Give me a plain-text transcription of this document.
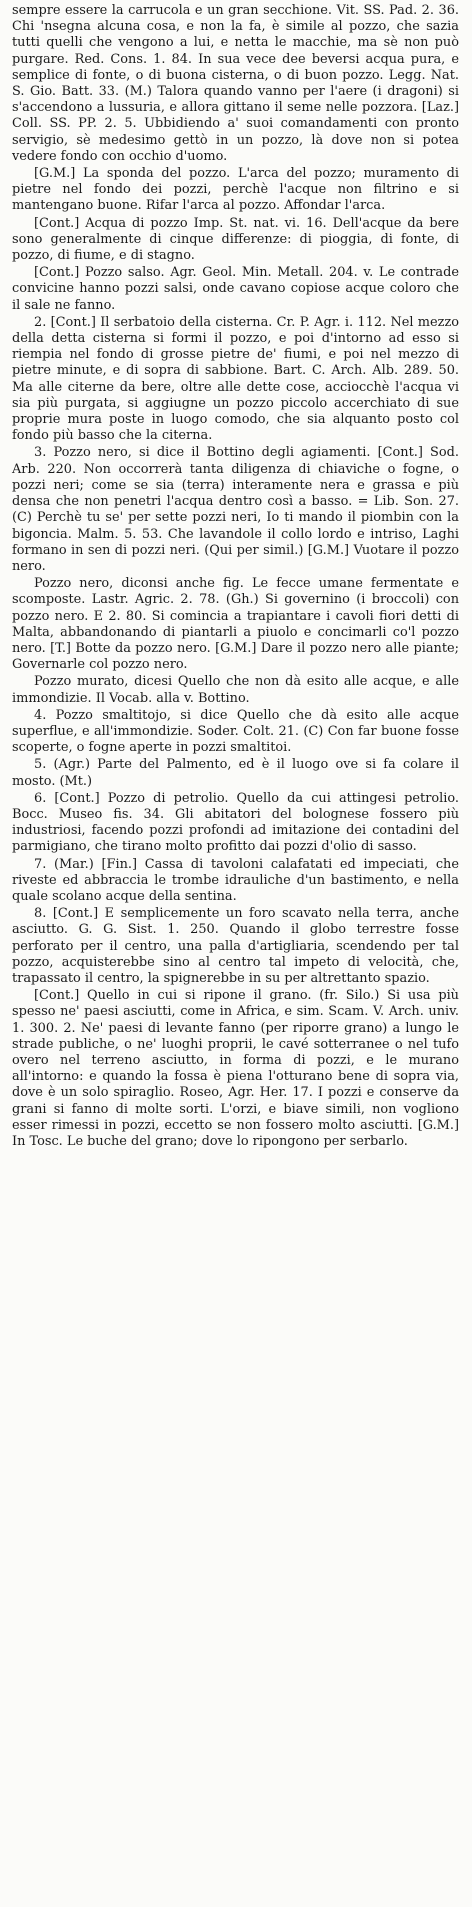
sempre essere la carrucola e un gran secchione. Vit. SS. Pad. 2. 36. Chi 'nsegna alcuna cosa, e non la fa, è simile al pozzo, che sazia tutti quelli che vengono a lui, e netta le macchie, ma sè non può purgare. Red. Cons. 1. 84. In sua vece dee beversi acqua pura, e semplice di fonte, o di buona cisterna, o di buon pozzo. Legg. Nat. S. Gio. Batt. 33. (M.) Talora quando vanno per l'aere (i dragoni) si s'accendono a lussuria, e allora gittano il seme nelle pozzora. [Laz.] Coll. SS. PP. 2. 5. Ubbidiendo a' suoi comandamenti con pronto servigio, sè medesimo gettò in un pozzo, là dove non si potea vedere fondo con occhio d'uomo.

[G.M.] La sponda del pozzo. L'arca del pozzo; muramento di pietre nel fondo dei pozzi, perchè l'acque non filtrino e si mantengano buone. Rifar l'arca al pozzo. Affondar l'arca.

[Cont.] Acqua di pozzo Imp. St. nat. vi. 16. Dell'acque da bere sono generalmente di cinque differenze: di pioggia, di fonte, di pozzo, di fiume, e di stagno.

[Cont.] Pozzo salso. Agr. Geol. Min. Metall. 204. v. Le contrade convicine hanno pozzi salsi, onde cavano copiose acque coloro che il sale ne fanno.

2. [Cont.] Il serbatoio della cisterna. Cr. P. Agr. i. 112. Nel mezzo della detta cisterna si formi il pozzo, e poi d'intorno ad esso si riempia nel fondo di grosse pietre de' fiumi, e poi nel mezzo di pietre minute, e di sopra di sabbione. Bart. C. Arch. Alb. 289. 50. Ma alle citerne da bere, oltre alle dette cose, acciocchè l'acqua vi sia più purgata, si aggiugne un pozzo piccolo accerchiato di sue proprie mura poste in luogo comodo, che sia alquanto posto col fondo più basso che la citerna.

3. Pozzo nero, si dice il Bottino degli agiamenti. [Cont.] Sod. Arb. 220. Non occorrerà tanta diligenza di chiaviche o fogne, o pozzi neri; come se sia (terra) interamente nera e grassa e più densa che non penetri l'acqua dentro così a basso. = Lib. Son. 27. (C) Perchè tu se' per sette pozzi neri, Io ti mando il piombin con la bigoncia. Malm. 5. 53. Che lavandole il collo lordo e intriso, Laghi formano in sen di pozzi neri. (Qui per simil.) [G.M.] Vuotare il pozzo nero.

Pozzo nero, diconsi anche fig. Le fecce umane fermentate e scomposte. Lastr. Agric. 2. 78. (Gh.) Si governino (i broccoli) con pozzo nero. E 2. 80. Si comincia a trapiantare i cavoli fiori detti di Malta, abbandonando di piantarli a piuolo e concimarli co'l pozzo nero. [T.] Botte da pozzo nero. [G.M.] Dare il pozzo nero alle piante; Governarle col pozzo nero.

Pozzo murato, dicesi Quello che non dà esito alle acque, e alle immondizie. Il Vocab. alla v. Bottino.

4. Pozzo smaltitojo, si dice Quello che dà esito alle acque superflue, e all'immondizie. Soder. Colt. 21. (C) Con far buone fosse scoperte, o fogne aperte in pozzi smaltitoi.

5. (Agr.) Parte del Palmento, ed è il luogo ove si fa colare il mosto. (Mt.)

6. [Cont.] Pozzo di petrolio. Quello da cui attingesi petrolio. Bocc. Museo fis. 34. Gli abitatori del bolognese fossero più industriosi, facendo pozzi profondi ad imitazione dei contadini del parmigiano, che tirano molto profitto dai pozzi d'olio di sasso.

7. (Mar.) [Fin.] Cassa di tavoloni calafatati ed impeciati, che riveste ed abbraccia le trombe idrauliche d'un bastimento, e nella quale scolano acque della sentina.

8. [Cont.] E semplicemente un foro scavato nella terra, anche asciutto. G. G. Sist. 1. 250. Quando il globo terrestre fosse perforato per il centro, una palla d'artigliaria, scendendo per tal pozzo, acquisterebbe sino al centro tal impeto di velocità, che, trapassato il centro, la spignerebbe in su per altrettanto spazio.

[Cont.] Quello in cui si ripone il grano. (fr. Silo.) Si usa più spesso ne' paesi asciutti, come in Africa, e sim. Scam. V. Arch. univ. 1. 300. 2. Ne' paesi di levante fanno (per riporre grano) a lungo le strade publiche, o ne' luoghi proprii, le cavé sotterranee o nel tufo overo nel terreno asciutto, in forma di pozzi, e le murano all'intorno: e quando la fossa è piena l'otturano bene di sopra via, dove è un solo spiraglio. Roseo, Agr. Her. 17. I pozzi e conserve da grani si fanno di molte sorti. L'orzi, e biave simili, non vogliono esser rimessi in pozzi, eccetto se non fossero molto asciutti. [G.M.] In Tosc. Le buche del grano; dove lo ripongono per serbarlo.
